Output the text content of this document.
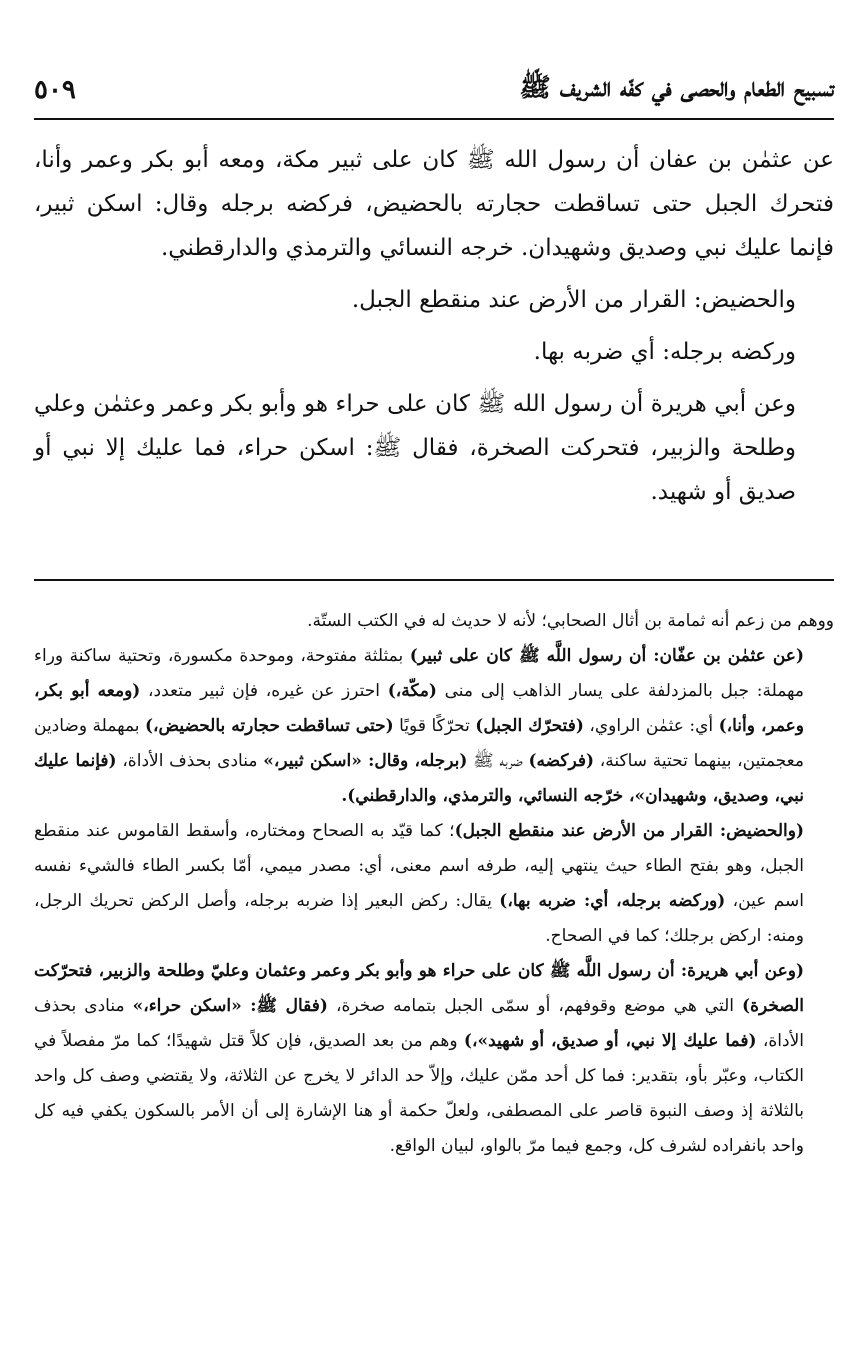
تسبيح الطعام والحصى في كفّه الشريف ﷺ
٥٠٩

عن عثمٰن بن عفان أن رسول الله ﷺ كان على ثبير مكة، ومعه أبو بكر وعمر وأنا، فتحرك الجبل حتى تساقطت حجارته بالحضيض، فركضه برجله وقال: اسكن ثبير، فإنما عليك نبي وصديق وشهيدان. خرجه النسائي والترمذي والدارقطني.

والحضيض: القرار من الأرض عند منقطع الجبل.

وركضه برجله: أي ضربه بها.

وعن أبي هريرة أن رسول الله ﷺ كان على حراء هو وأبو بكر وعمر وعثمٰن وعلي وطلحة والزبير، فتحركت الصخرة، فقال ﷺ: اسكن حراء، فما عليك إلا نبي أو صديق أو شهيد.

ووهم من زعم أنه ثمامة بن أثال الصحابي؛ لأنه لا حديث له في الكتب الستّة.

(عن عثمٰن بن عفّان: أن رسول اللَّه ﷺ كان على ثبير) بمثلثة مفتوحة، وموحدة مكسورة، وتحتية ساكنة وراء مهملة: جبل بالمزدلفة على يسار الذاهب إلى منى (مكّة،) احترز عن غيره، فإن ثبير متعدد، (ومعه أبو بكر، وعمر، وأنا،) أي: عثمٰن الراوي، (فتحرّك الجبل) تحرّكًا قويًا (حتى تساقطت حجارته بالحضيض،) بمهملة وضادين معجمتين، بينهما تحتية ساكنة، (فركضه) ضربه ﷺ (برجله، وقال: «اسكن ثبير،» منادى بحذف الأداة، (فإنما عليك نبي، وصديق، وشهيدان»، خرّجه النسائي، والترمذي، والدارقطني).

(والحضيض: القرار من الأرض عند منقطع الجبل)؛ كما قيّد به الصحاح ومختاره، وأسقط القاموس عند منقطع الجبل، وهو بفتح الطاء حيث ينتهي إليه، طرفه اسم معنى، أي: مصدر ميمي، أمّا بكسر الطاء فالشيء نفسه اسم عين، (وركضه برجله، أي: ضربه بها،) يقال: ركض البعير إذا ضربه برجله، وأصل الركض تحريك الرجل، ومنه: اركض برجلك؛ كما في الصحاح.

(وعن أبي هريرة: أن رسول اللَّه ﷺ كان على حراء هو وأبو بكر وعمر وعثمان وعليّ وطلحة والزبير، فتحرّكت الصخرة) التي هي موضع وقوفهم، أو سمّى الجبل بتمامه صخرة، (فقال ﷺ: «اسكن حراء،» منادى بحذف الأداة، (فما عليك إلا نبي، أو صديق، أو شهيد»،) وهم من بعد الصديق، فإن كلاً قتل شهيدًا؛ كما مرّ مفصلاً في الكتاب، وعبّر بأو، بتقدير: فما كل أحد ممّن عليك، وإلاّ حد الدائر لا يخرج عن الثلاثة، ولا يقتضي وصف كل واحد بالثلاثة إذ وصف النبوة قاصر على المصطفى، ولعلّ حكمة أو هنا الإشارة إلى أن الأمر بالسكون يكفي فيه كل واحد بانفراده لشرف كل، وجمع فيما مرّ بالواو، لبيان الواقع.
